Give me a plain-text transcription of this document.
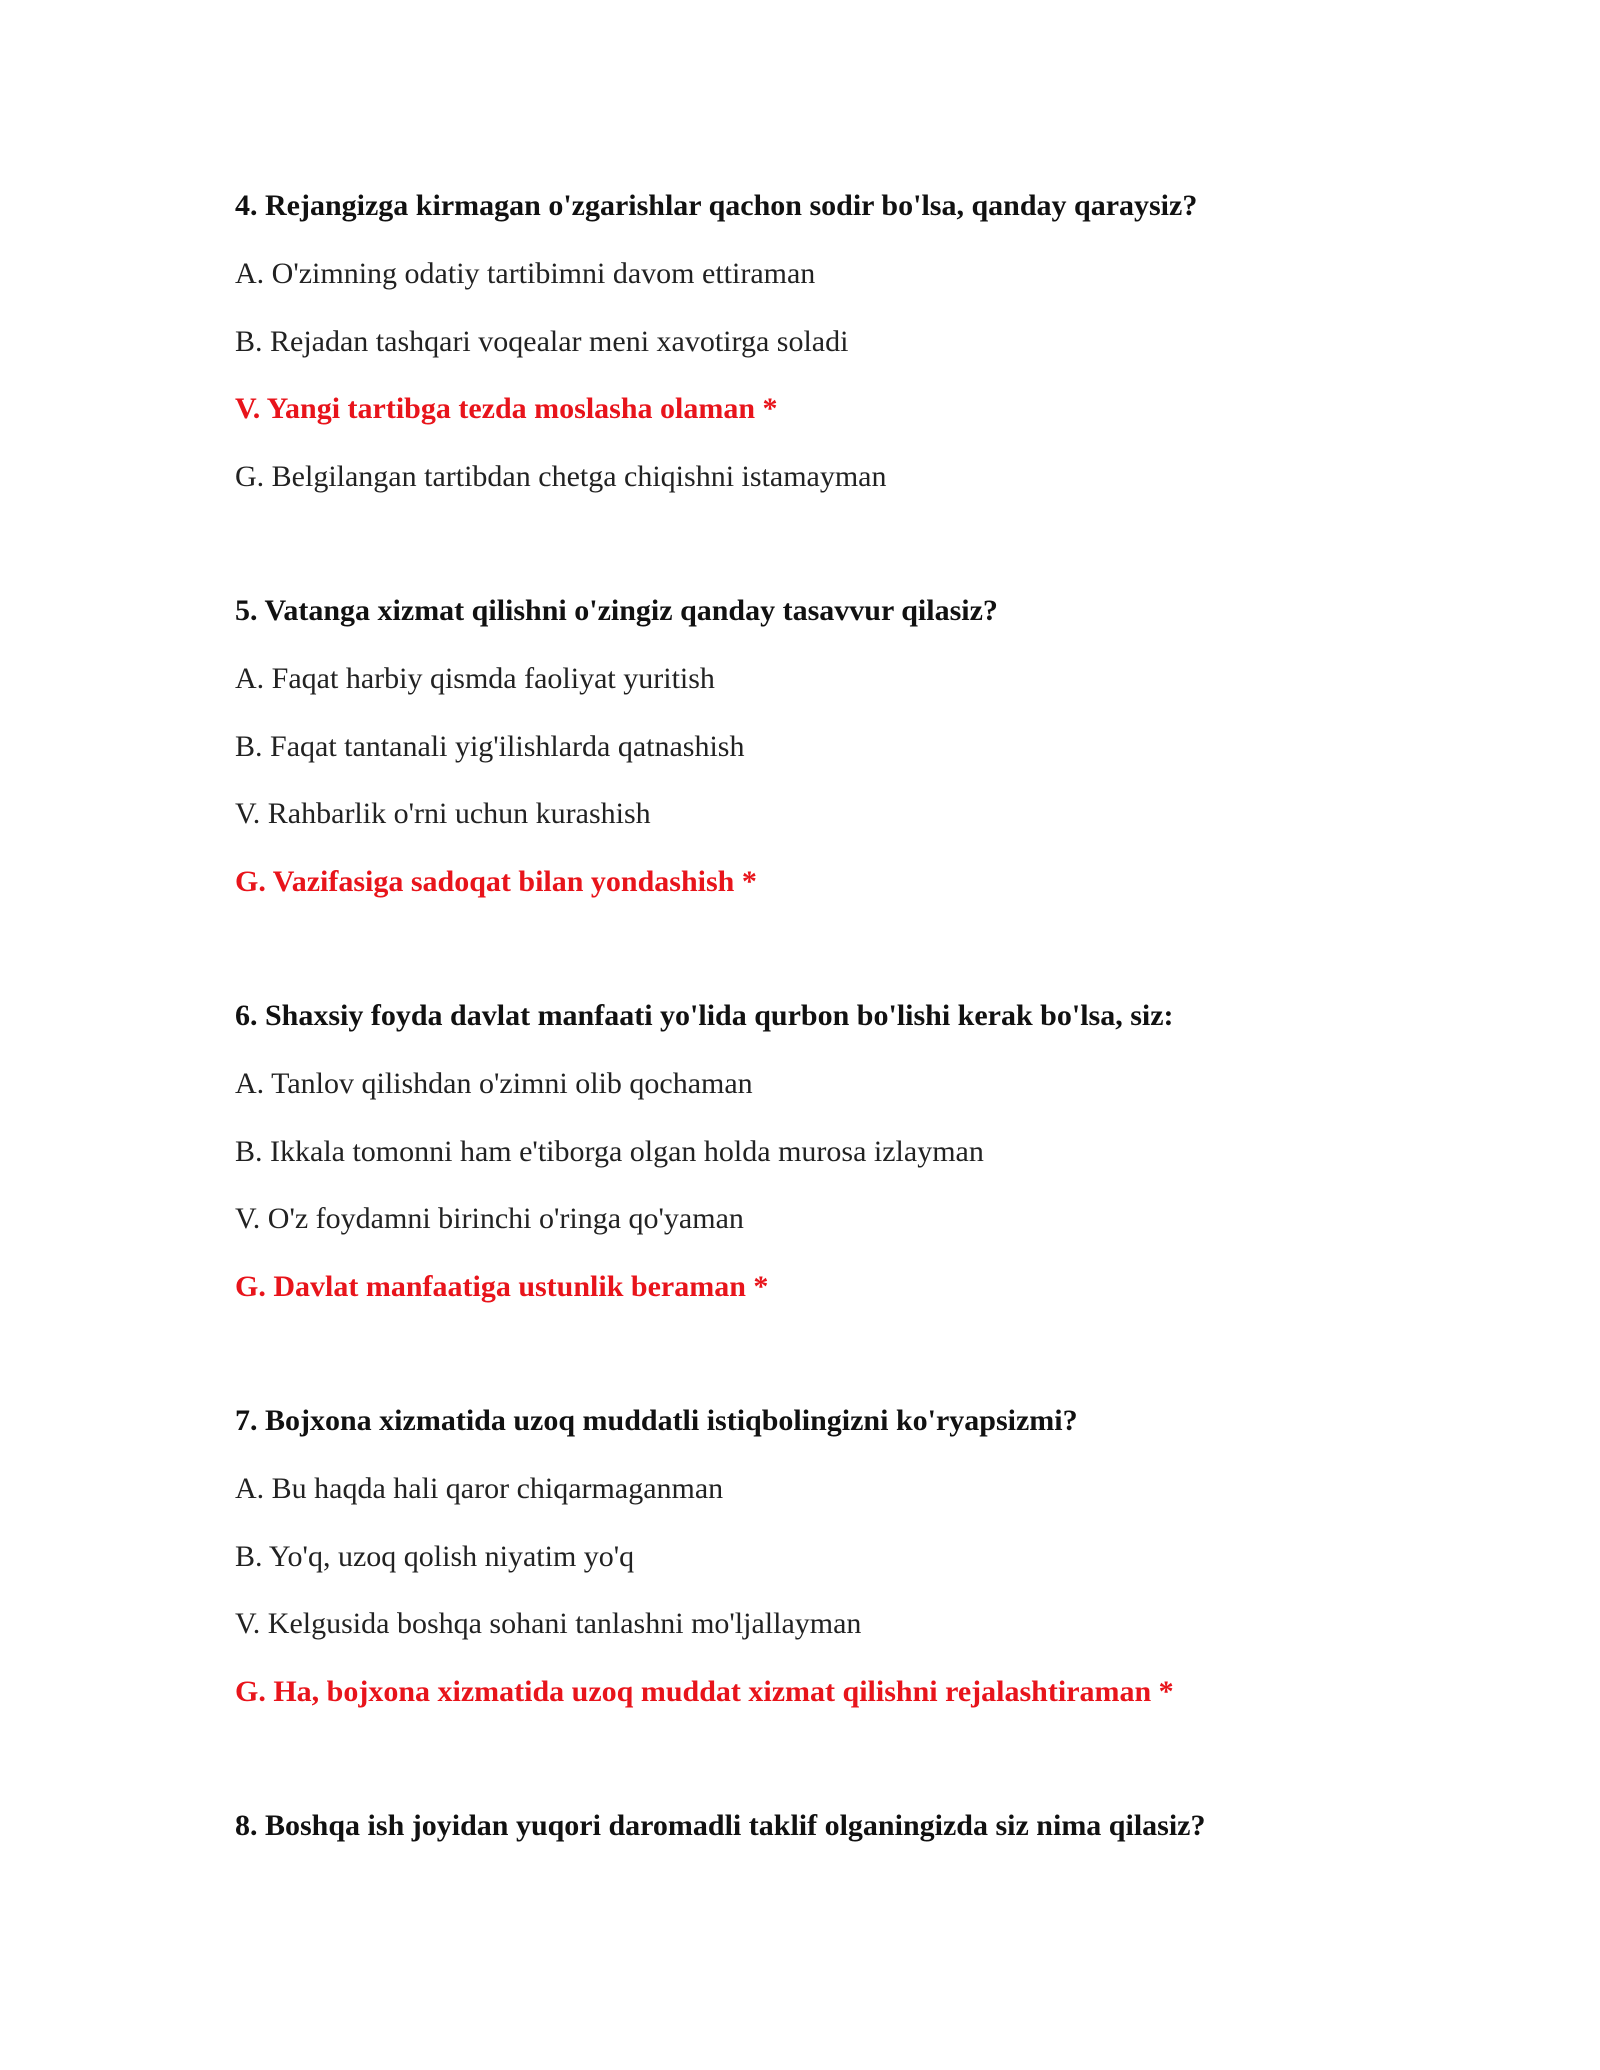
4. Rejangizga kirmagan o'zgarishlar qachon sodir bo'lsa, qanday qaraysiz?
A. O'zimning odatiy tartibimni davom ettiraman
B. Rejadan tashqari voqealar meni xavotirga soladi
V. Yangi tartibga tezda moslasha olaman *
G. Belgilangan tartibdan chetga chiqishni istamayman
5. Vatanga xizmat qilishni o'zingiz qanday tasavvur qilasiz?
A. Faqat harbiy qismda faoliyat yuritish
B. Faqat tantanali yig'ilishlarda qatnashish
V. Rahbarlik o'rni uchun kurashish
G. Vazifasiga sadoqat bilan yondashish *
6. Shaxsiy foyda davlat manfaati yo'lida qurbon bo'lishi kerak bo'lsa, siz:
A. Tanlov qilishdan o'zimni olib qochaman
B. Ikkala tomonni ham e'tiborga olgan holda murosa izlayman
V. O'z foydamni birinchi o'ringa qo'yaman
G. Davlat manfaatiga ustunlik beraman *
7. Bojxona xizmatida uzoq muddatli istiqbolingizni ko'ryapsizmi?
A. Bu haqda hali qaror chiqarmaganman
B. Yo'q, uzoq qolish niyatim yo'q
V. Kelgusida boshqa sohani tanlashni mo'ljallayman
G. Ha, bojxona xizmatida uzoq muddat xizmat qilishni rejalashtiraman *
8. Boshqa ish joyidan yuqori daromadli taklif olganingizda siz nima qilasiz?
